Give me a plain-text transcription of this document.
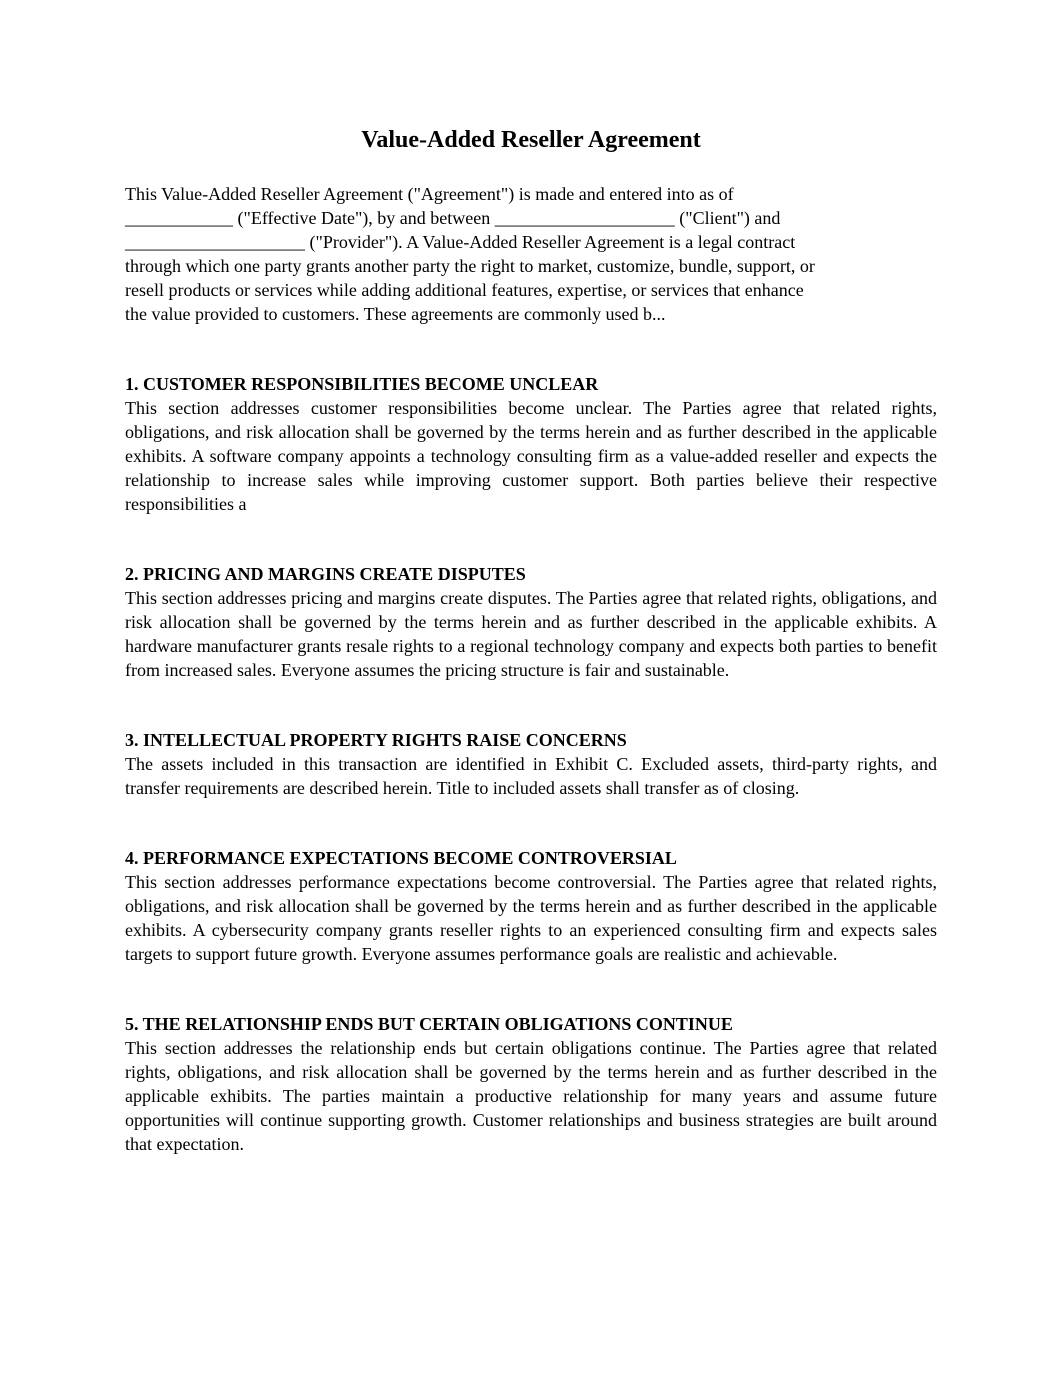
Value-Added Reseller Agreement
This Value-Added Reseller Agreement ("Agreement") is made and entered into as of
____________ ("Effective Date"), by and between ____________________ ("Client") and
____________________ ("Provider"). A Value-Added Reseller Agreement is a legal contract
through which one party grants another party the right to market, customize, bundle, support, or
resell products or services while adding additional features, expertise, or services that enhance
the value provided to customers. These agreements are commonly used b...
1. CUSTOMER RESPONSIBILITIES BECOME UNCLEAR

This section addresses customer responsibilities become unclear. The Parties agree that related rights, obligations, and risk allocation shall be governed by the terms herein and as further described in the applicable exhibits. A software company appoints a technology consulting firm as a value-added reseller and expects the relationship to increase sales while improving customer support. Both parties believe their respective responsibilities a

2. PRICING AND MARGINS CREATE DISPUTES

This section addresses pricing and margins create disputes. The Parties agree that related rights, obligations, and risk allocation shall be governed by the terms herein and as further described in the applicable exhibits. A hardware manufacturer grants resale rights to a regional technology company and expects both parties to benefit from increased sales. Everyone assumes the pricing structure is fair and sustainable.

3. INTELLECTUAL PROPERTY RIGHTS RAISE CONCERNS

The assets included in this transaction are identified in Exhibit C. Excluded assets, third-party rights, and transfer requirements are described herein. Title to included assets shall transfer as of closing.

4. PERFORMANCE EXPECTATIONS BECOME CONTROVERSIAL

This section addresses performance expectations become controversial. The Parties agree that related rights, obligations, and risk allocation shall be governed by the terms herein and as further described in the applicable exhibits. A cybersecurity company grants reseller rights to an experienced consulting firm and expects sales targets to support future growth. Everyone assumes performance goals are realistic and achievable.

5. THE RELATIONSHIP ENDS BUT CERTAIN OBLIGATIONS CONTINUE

This section addresses the relationship ends but certain obligations continue. The Parties agree that related rights, obligations, and risk allocation shall be governed by the terms herein and as further described in the applicable exhibits. The parties maintain a productive relationship for many years and assume future opportunities will continue supporting growth. Customer relationships and business strategies are built around that expectation.
